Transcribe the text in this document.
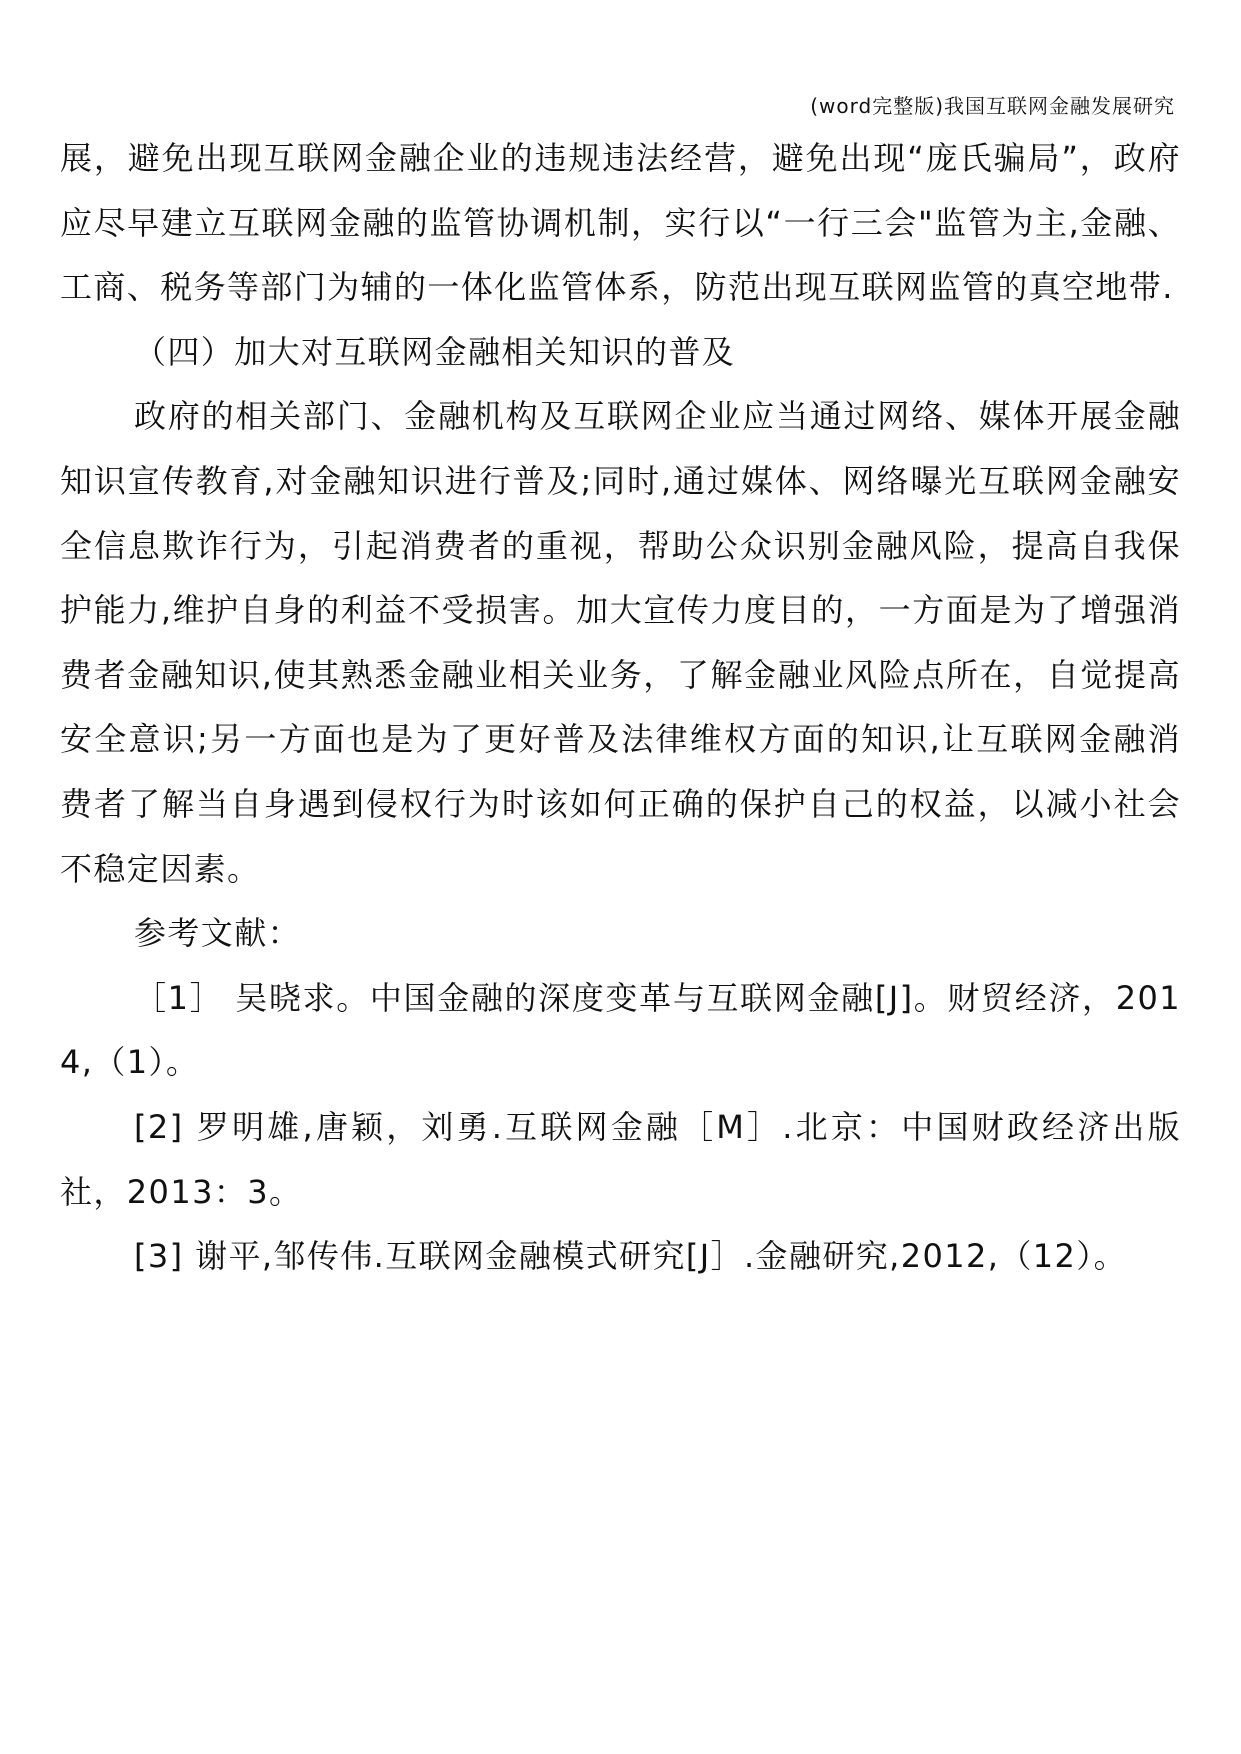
(word完整版)我国互联网金融发展研究

展，避免出现互联网金融企业的违规违法经营，避免出现“庞氏骗局”，政府应尽早建立互联网金融的监管协调机制，实行以“一行三会"监管为主,金融、工商、税务等部门为辅的一体化监管体系，防范出现互联网监管的真空地带.

（四）加大对互联网金融相关知识的普及

政府的相关部门、金融机构及互联网企业应当通过网络、媒体开展金融知识宣传教育,对金融知识进行普及;同时,通过媒体、网络曝光互联网金融安全信息欺诈行为，引起消费者的重视，帮助公众识别金融风险，提高自我保护能力,维护自身的利益不受损害。加大宣传力度目的，一方面是为了增强消费者金融知识,使其熟悉金融业相关业务，了解金融业风险点所在，自觉提高安全意识;另一方面也是为了更好普及法律维权方面的知识,让互联网金融消费者了解当自身遇到侵权行为时该如何正确的保护自己的权益，以减小社会不稳定因素。

参考文献：

［1］ 吴晓求。中国金融的深度变革与互联网金融[J]。财贸经济，2014,（1）。

[2] 罗明雄,唐颖，刘勇.互联网金融［M］.北京：中国财政经济出版社，2013：3。

[3] 谢平,邹传伟.互联网金融模式研究[J］.金融研究,2012,（12）。
